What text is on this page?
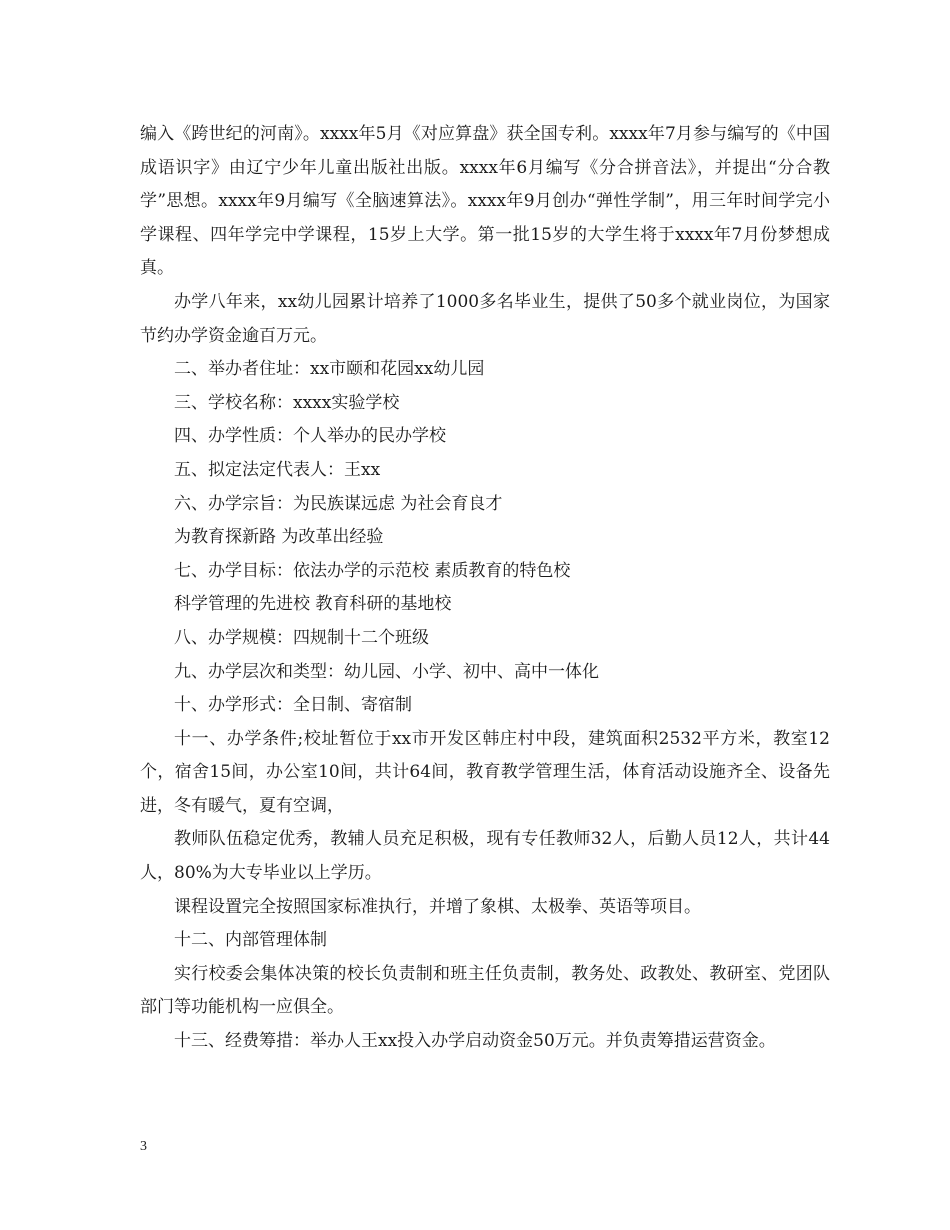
编入《跨世纪的河南》。xxxx年5月《对应算盘》获全国专利。xxxx年7月参与编写的《中国成语识字》由辽宁少年儿童出版社出版。xxxx年6月编写《分合拼音法》，并提出“分合教学”思想。xxxx年9月编写《全脑速算法》。xxxx年9月创办“弹性学制”，用三年时间学完小学课程、四年学完中学课程，15岁上大学。第一批15岁的大学生将于xxxx年7月份梦想成真。

办学八年来，xx幼儿园累计培养了1000多名毕业生，提供了50多个就业岗位，为国家节约办学资金逾百万元。

二、举办者住址：xx市颐和花园xx幼儿园

三、学校名称：xxxx实验学校

四、办学性质：个人举办的民办学校

五、拟定法定代表人：王xx

六、办学宗旨：为民族谋远虑 为社会育良才

为教育探新路 为改革出经验

七、办学目标：依法办学的示范校 素质教育的特色校

科学管理的先进校 教育科研的基地校

八、办学规模：四规制十二个班级

九、办学层次和类型：幼儿园、小学、初中、高中一体化

十、办学形式：全日制、寄宿制

十一、办学条件;校址暂位于xx市开发区韩庄村中段，建筑面积2532平方米，教室12个，宿舍15间，办公室10间，共计64间，教育教学管理生活，体育活动设施齐全、设备先进，冬有暖气，夏有空调，

教师队伍稳定优秀，教辅人员充足积极，现有专任教师32人，后勤人员12人，共计44人，80%为大专毕业以上学历。

课程设置完全按照国家标准执行，并增了象棋、太极拳、英语等项目。

十二、内部管理体制

实行校委会集体决策的校长负责制和班主任负责制，教务处、政教处、教研室、党团队部门等功能机构一应俱全。

十三、经费筹措：举办人王xx投入办学启动资金50万元。并负责筹措运营资金。

3
